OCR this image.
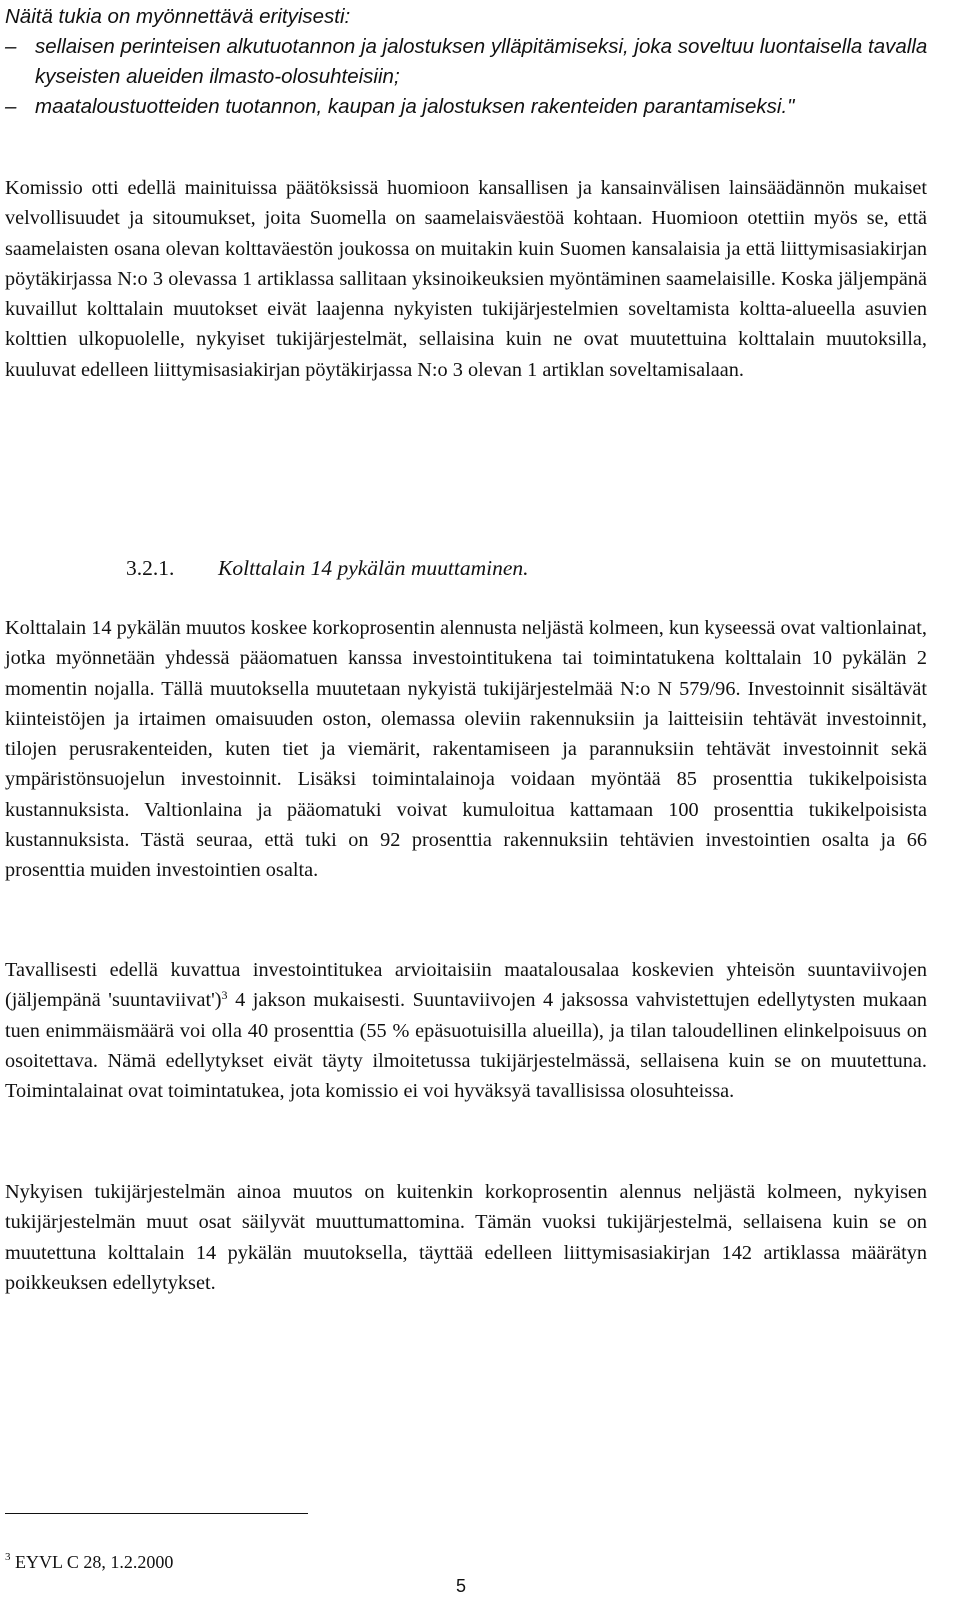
Näitä tukia on myönnettävä erityisesti:
– sellaisen perinteisen alkutuotannon ja jalostuksen ylläpitämiseksi, joka soveltuu luontaisella tavalla kyseisten alueiden ilmasto-olosuhteisiin;
– maataloustuotteiden tuotannon, kaupan ja jalostuksen rakenteiden parantamiseksi."

Komissio otti edellä mainituissa päätöksissä huomioon kansallisen ja kansainvälisen lainsäädännön mukaiset velvollisuudet ja sitoumukset, joita Suomella on saamelaisväestöä kohtaan. Huomioon otettiin myös se, että saamelaisten osana olevan kolttaväestön joukossa on muitakin kuin Suomen kansalaisia ja että liittymisasiakirjan pöytäkirjassa N:o 3 olevassa 1 artiklassa sallitaan yksinoikeuksien myöntäminen saamelaisille. Koska jäljempänä kuvaillut kolttalain muutokset eivät laajenna nykyisten tukijärjestelmien soveltamista koltta-alueella asuvien kolttien ulkopuolelle, nykyiset tukijärjestelmät, sellaisina kuin ne ovat muutettuina kolttalain muutoksilla, kuuluvat edelleen liittymisasiakirjan pöytäkirjassa N:o 3 olevan 1 artiklan soveltamisalaan.

3.2.1. Kolttalain 14 pykälän muuttaminen.

Kolttalain 14 pykälän muutos koskee korkoprosentin alennusta neljästä kolmeen, kun kyseessä ovat valtionlainat, jotka myönnetään yhdessä pääomatuen kanssa investointitukena tai toimintatukena kolttalain 10 pykälän 2 momentin nojalla. Tällä muutoksella muutetaan nykyistä tukijärjestelmää N:o N 579/96. Investoinnit sisältävät kiinteistöjen ja irtaimen omaisuuden oston, olemassa oleviin rakennuksiin ja laitteisiin tehtävät investoinnit, tilojen perusrakenteiden, kuten tiet ja viemärit, rakentamiseen ja parannuksiin tehtävät investoinnit sekä ympäristönsuojelun investoinnit. Lisäksi toimintalainoja voidaan myöntää 85 prosenttia tukikelpoisista kustannuksista. Valtionlaina ja pääomatuki voivat kumuloitua kattamaan 100 prosenttia tukikelpoisista kustannuksista. Tästä seuraa, että tuki on 92 prosenttia rakennuksiin tehtävien investointien osalta ja 66 prosenttia muiden investointien osalta.

Tavallisesti edellä kuvattua investointitukea arvioitaisiin maatalousalaa koskevien yhteisön suuntaviivojen (jäljempänä 'suuntaviivat')$^3$ 4 jakson mukaisesti. Suuntaviivojen 4 jaksossa vahvistettujen edellytysten mukaan tuen enimmäismäärä voi olla 40 prosenttia (55 % epäsuotuisilla alueilla), ja tilan taloudellinen elinkelpoisuus on osoitettava. Nämä edellytykset eivät täyty ilmoitetussa tukijärjestelmässä, sellaisena kuin se on muutettuna. Toimintalainat ovat toimintatukea, jota komissio ei voi hyväksyä tavallisissa olosuhteissa.

Nykyisen tukijärjestelmän ainoa muutos on kuitenkin korkoprosentin alennus neljästä kolmeen, nykyisen tukijärjestelmän muut osat säilyvät muuttumattomina. Tämän vuoksi tukijärjestelmä, sellaisena kuin se on muutettuna kolttalain 14 pykälän muutoksella, täyttää edelleen liittymisasiakirjan 142 artiklassa määrätyn poikkeuksen edellytykset.

$^3$ EYVL C 28, 1.2.2000
5
